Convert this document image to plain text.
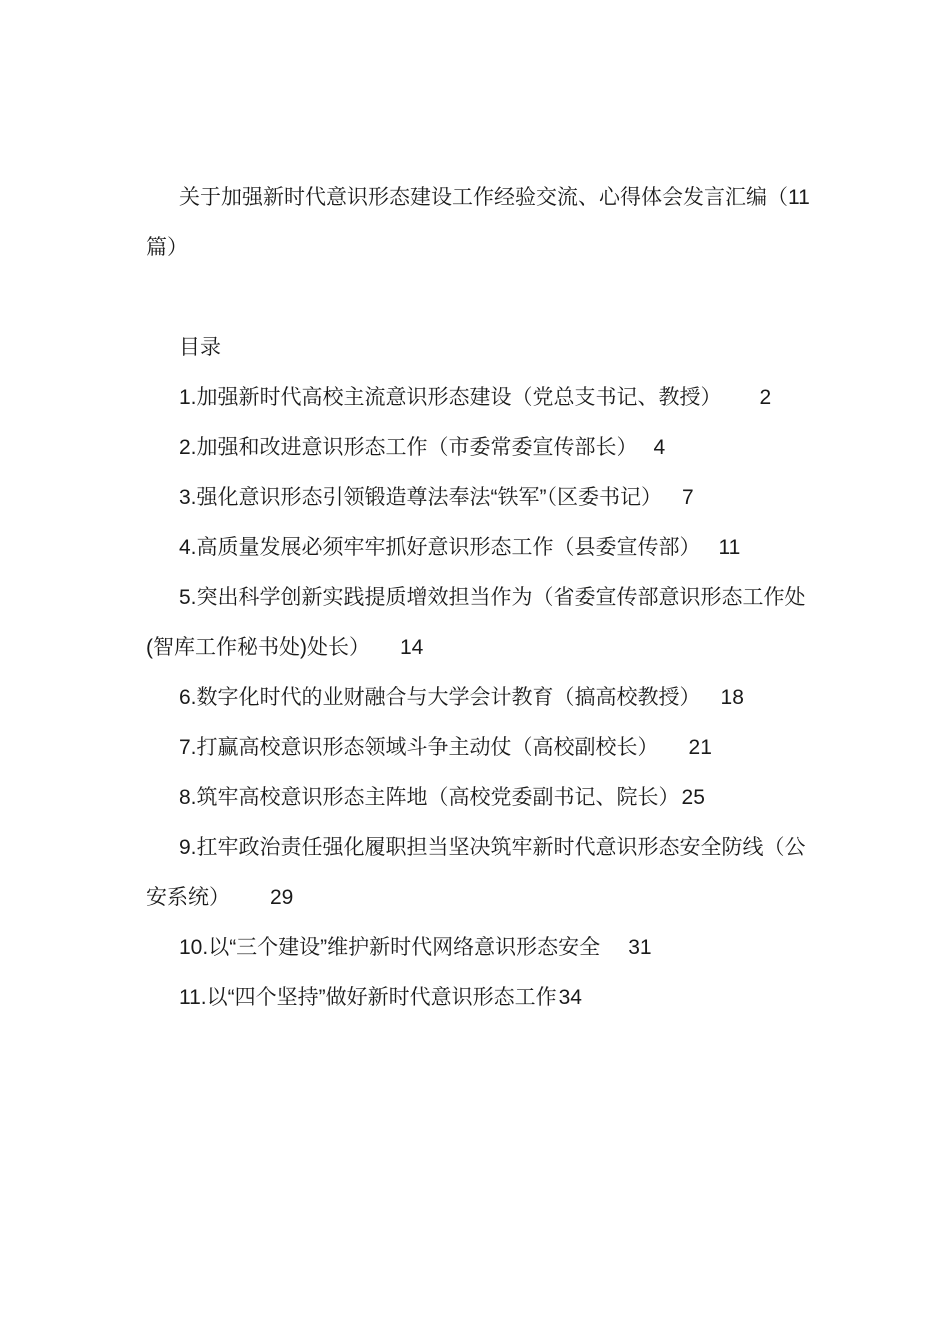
关于加强新时代意识形态建设工作经验交流、心得体会发言汇编（11 篇）

目录

1.加强新时代高校主流意识形态建设（党总支书记、教授） 2

2.加强和改进意识形态工作（市委常委宣传部长） 4

3.强化意识形态引领锻造尊法奉法“铁军”（区委书记） 7

4.高质量发展必须牢牢抓好意识形态工作（县委宣传部） 11

5.突出科学创新实践提质增效担当作为（省委宣传部意识形态工作处(智库工作秘书处)处长） 14

6.数字化时代的业财融合与大学会计教育（搞高校教授） 18

7.打赢高校意识形态领域斗争主动仗（高校副校长） 21

8.筑牢高校意识形态主阵地（高校党委副书记、院长）25

9.扛牢政治责任强化履职担当坚决筑牢新时代意识形态安全防线（公安系统） 29

10.以“三个建设”维护新时代网络意识形态安全 31

11.以“四个坚持”做好新时代意识形态工作34
